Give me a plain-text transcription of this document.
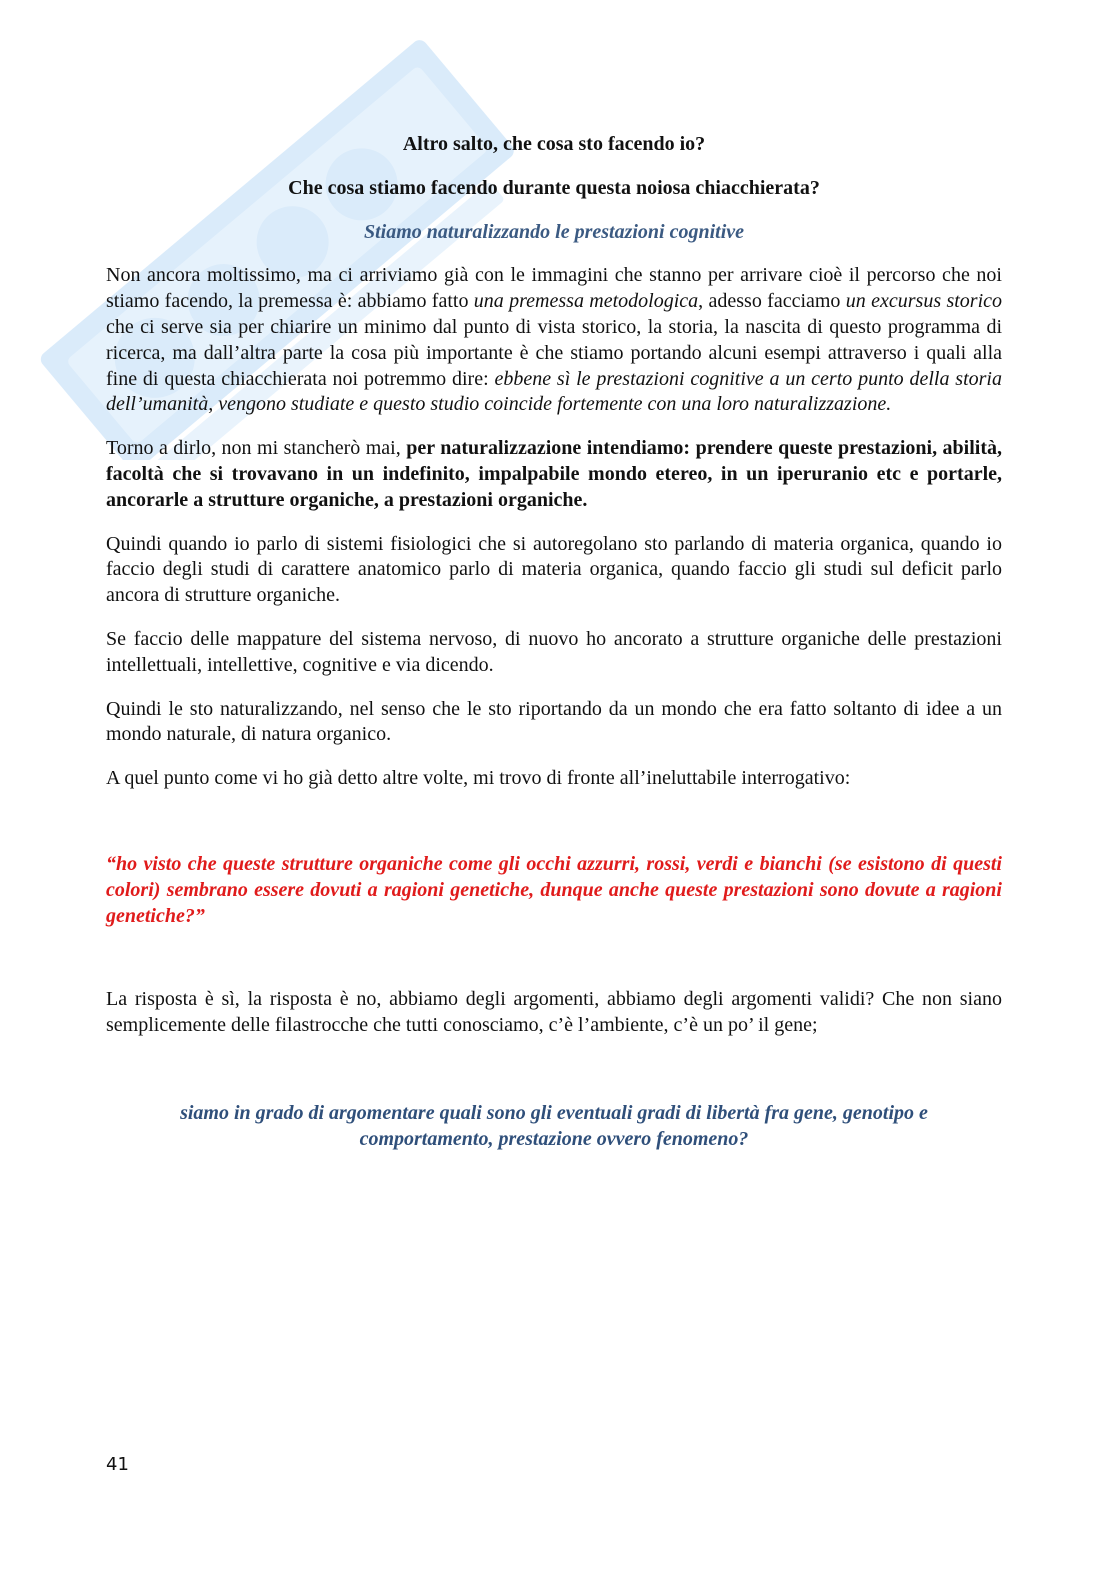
Altro salto, che cosa sto facendo io?

Che cosa stiamo facendo durante questa noiosa chiacchierata?

Stiamo naturalizzando le prestazioni cognitive

Non ancora moltissimo, ma ci arriviamo già con le immagini che stanno per arrivare cioè il percorso che noi stiamo facendo, la premessa è: abbiamo fatto una premessa metodologica, adesso facciamo un excursus storico che ci serve sia per chiarire un minimo dal punto di vista storico, la storia, la nascita di questo programma di ricerca, ma dall’altra parte la cosa più importante è che stiamo portando alcuni esempi attraverso i quali alla fine di questa chiacchierata noi potremmo dire: ebbene sì le prestazioni cognitive a un certo punto della storia dell’umanità, vengono studiate e questo studio coincide fortemente con una loro naturalizzazione.

Torno a dirlo, non mi stancherò mai, per naturalizzazione intendiamo: prendere queste prestazioni, abilità, facoltà che si trovavano in un indefinito, impalpabile mondo etereo, in un iperuranio etc e portarle, ancorarle a strutture organiche, a prestazioni organiche.

Quindi quando io parlo di sistemi fisiologici che si autoregolano sto parlando di materia organica, quando io faccio degli studi di carattere anatomico parlo di materia organica, quando faccio gli studi sul deficit parlo ancora di strutture organiche.

Se faccio delle mappature del sistema nervoso, di nuovo ho ancorato a strutture organiche delle prestazioni intellettuali, intellettive, cognitive e via dicendo.

Quindi le sto naturalizzando, nel senso che le sto riportando da un mondo che era fatto soltanto di idee a un mondo naturale, di natura organico.

A quel punto come vi ho già detto altre volte, mi trovo di fronte all’ineluttabile interrogativo:

“ho visto che queste strutture organiche come gli occhi azzurri, rossi, verdi e bianchi (se esistono di questi colori) sembrano essere dovuti a ragioni genetiche, dunque anche queste prestazioni sono dovute a ragioni genetiche?”

La risposta è sì, la risposta è no, abbiamo degli argomenti, abbiamo degli argomenti validi? Che non siano semplicemente delle filastrocche che tutti conosciamo, c’è l’ambiente, c’è un po’ il gene;

siamo in grado di argomentare quali sono gli eventuali gradi di libertà fra gene, genotipo e comportamento, prestazione ovvero fenomeno?

41
